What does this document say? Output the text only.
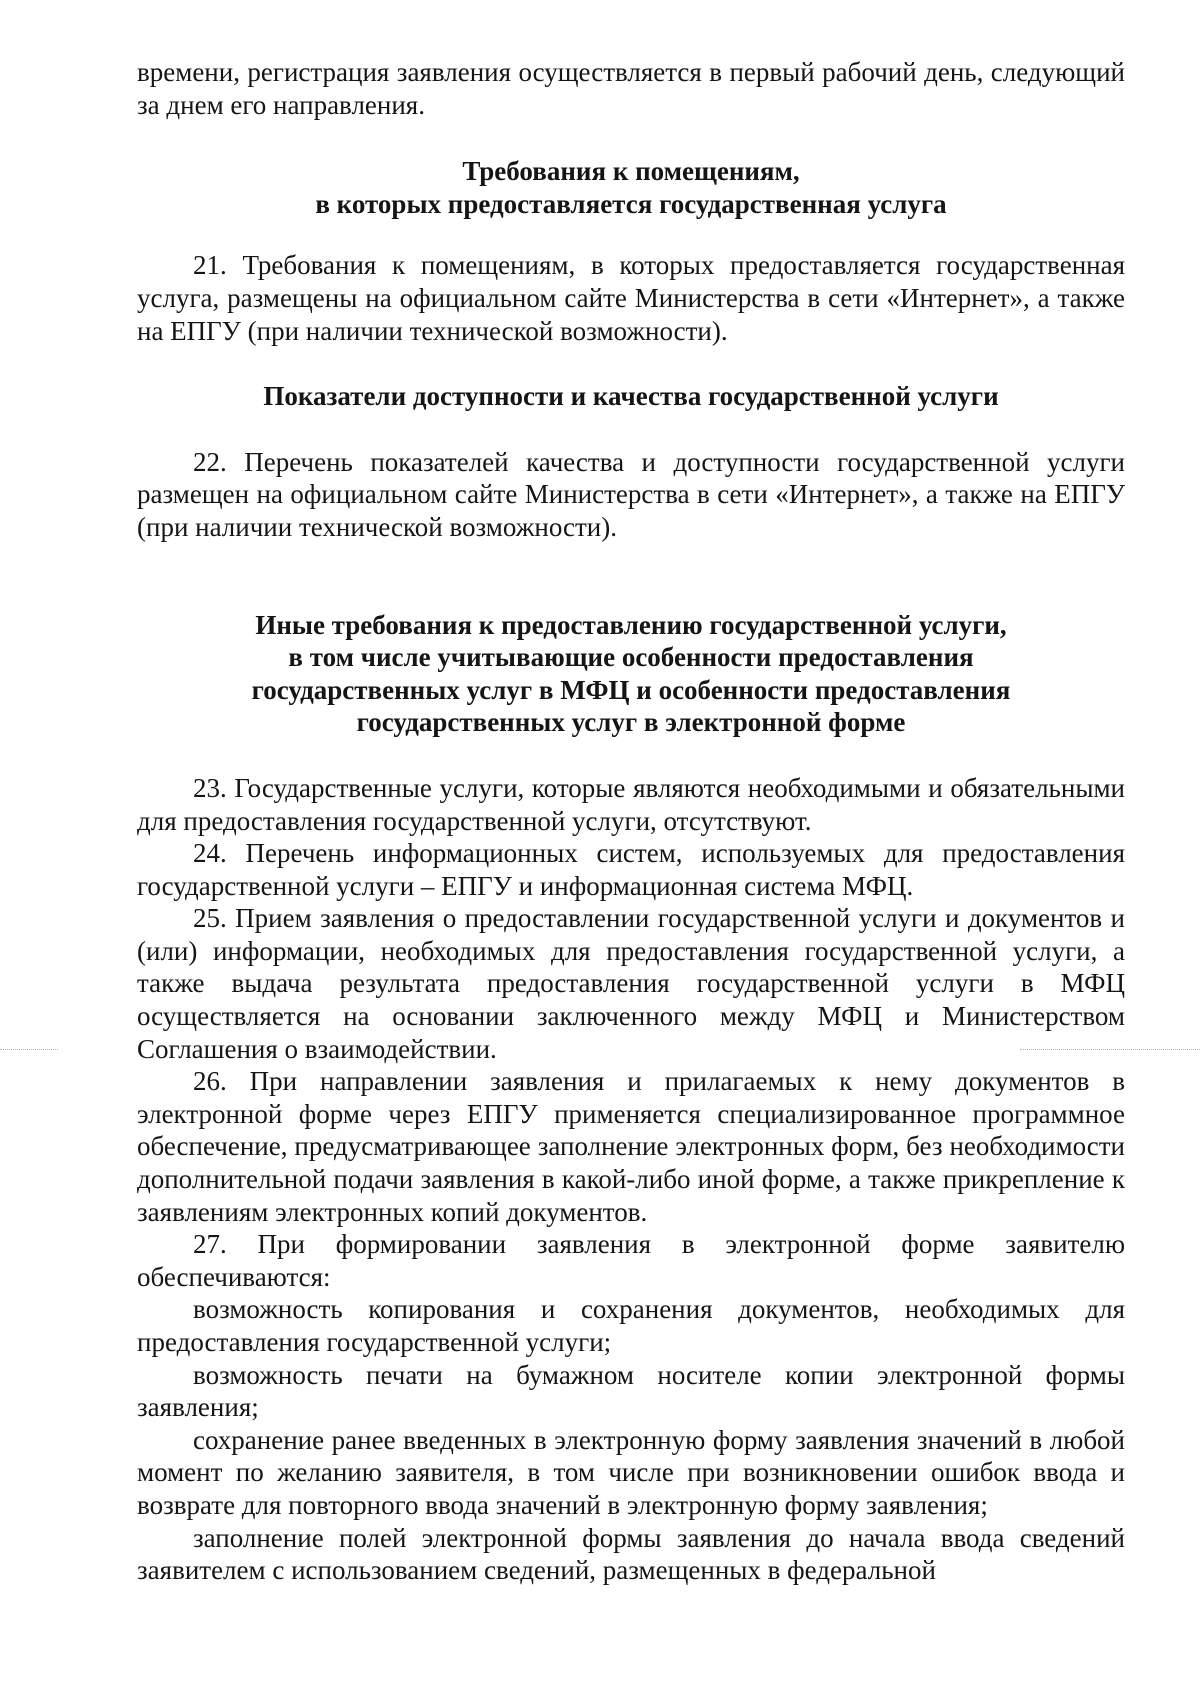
времени, регистрация заявления осуществляется в первый рабочий день, следующий за днем его направления.

Требования к помещениям,
в которых предоставляется государственная услуга

21. Требования к помещениям, в которых предоставляется государственная услуга, размещены на официальном сайте Министерства в сети «Интернет», а также на ЕПГУ (при наличии технической возможности).

Показатели доступности и качества государственной услуги

22. Перечень показателей качества и доступности государственной услуги размещен на официальном сайте Министерства в сети «Интернет», а также на ЕПГУ (при наличии технической возможности).

Иные требования к предоставлению государственной услуги,
в том числе учитывающие особенности предоставления
государственных услуг в МФЦ и особенности предоставления
государственных услуг в электронной форме

23. Государственные услуги, которые являются необходимыми и обязательными для предоставления государственной услуги, отсутствуют.

24. Перечень информационных систем, используемых для предоставления государственной услуги – ЕПГУ и информационная система МФЦ.

25. Прием заявления о предоставлении государственной услуги и документов и (или) информации, необходимых для предоставления государственной услуги, а также выдача результата предоставления государственной услуги в МФЦ осуществляется на основании заключенного между МФЦ и Министерством Соглашения о взаимодействии.

26. При направлении заявления и прилагаемых к нему документов в электронной форме через ЕПГУ применяется специализированное программное обеспечение, предусматривающее заполнение электронных форм, без необходимости дополнительной подачи заявления в какой-либо иной форме, а также прикрепление к заявлениям электронных копий документов.

27. При формировании заявления в электронной форме заявителю обеспечиваются:

возможность копирования и сохранения документов, необходимых для предоставления государственной услуги;

возможность печати на бумажном носителе копии электронной формы заявления;

сохранение ранее введенных в электронную форму заявления значений в любой момент по желанию заявителя, в том числе при возникновении ошибок ввода и возврате для повторного ввода значений в электронную форму заявления;

заполнение полей электронной формы заявления до начала ввода сведений заявителем с использованием сведений, размещенных в федеральной
